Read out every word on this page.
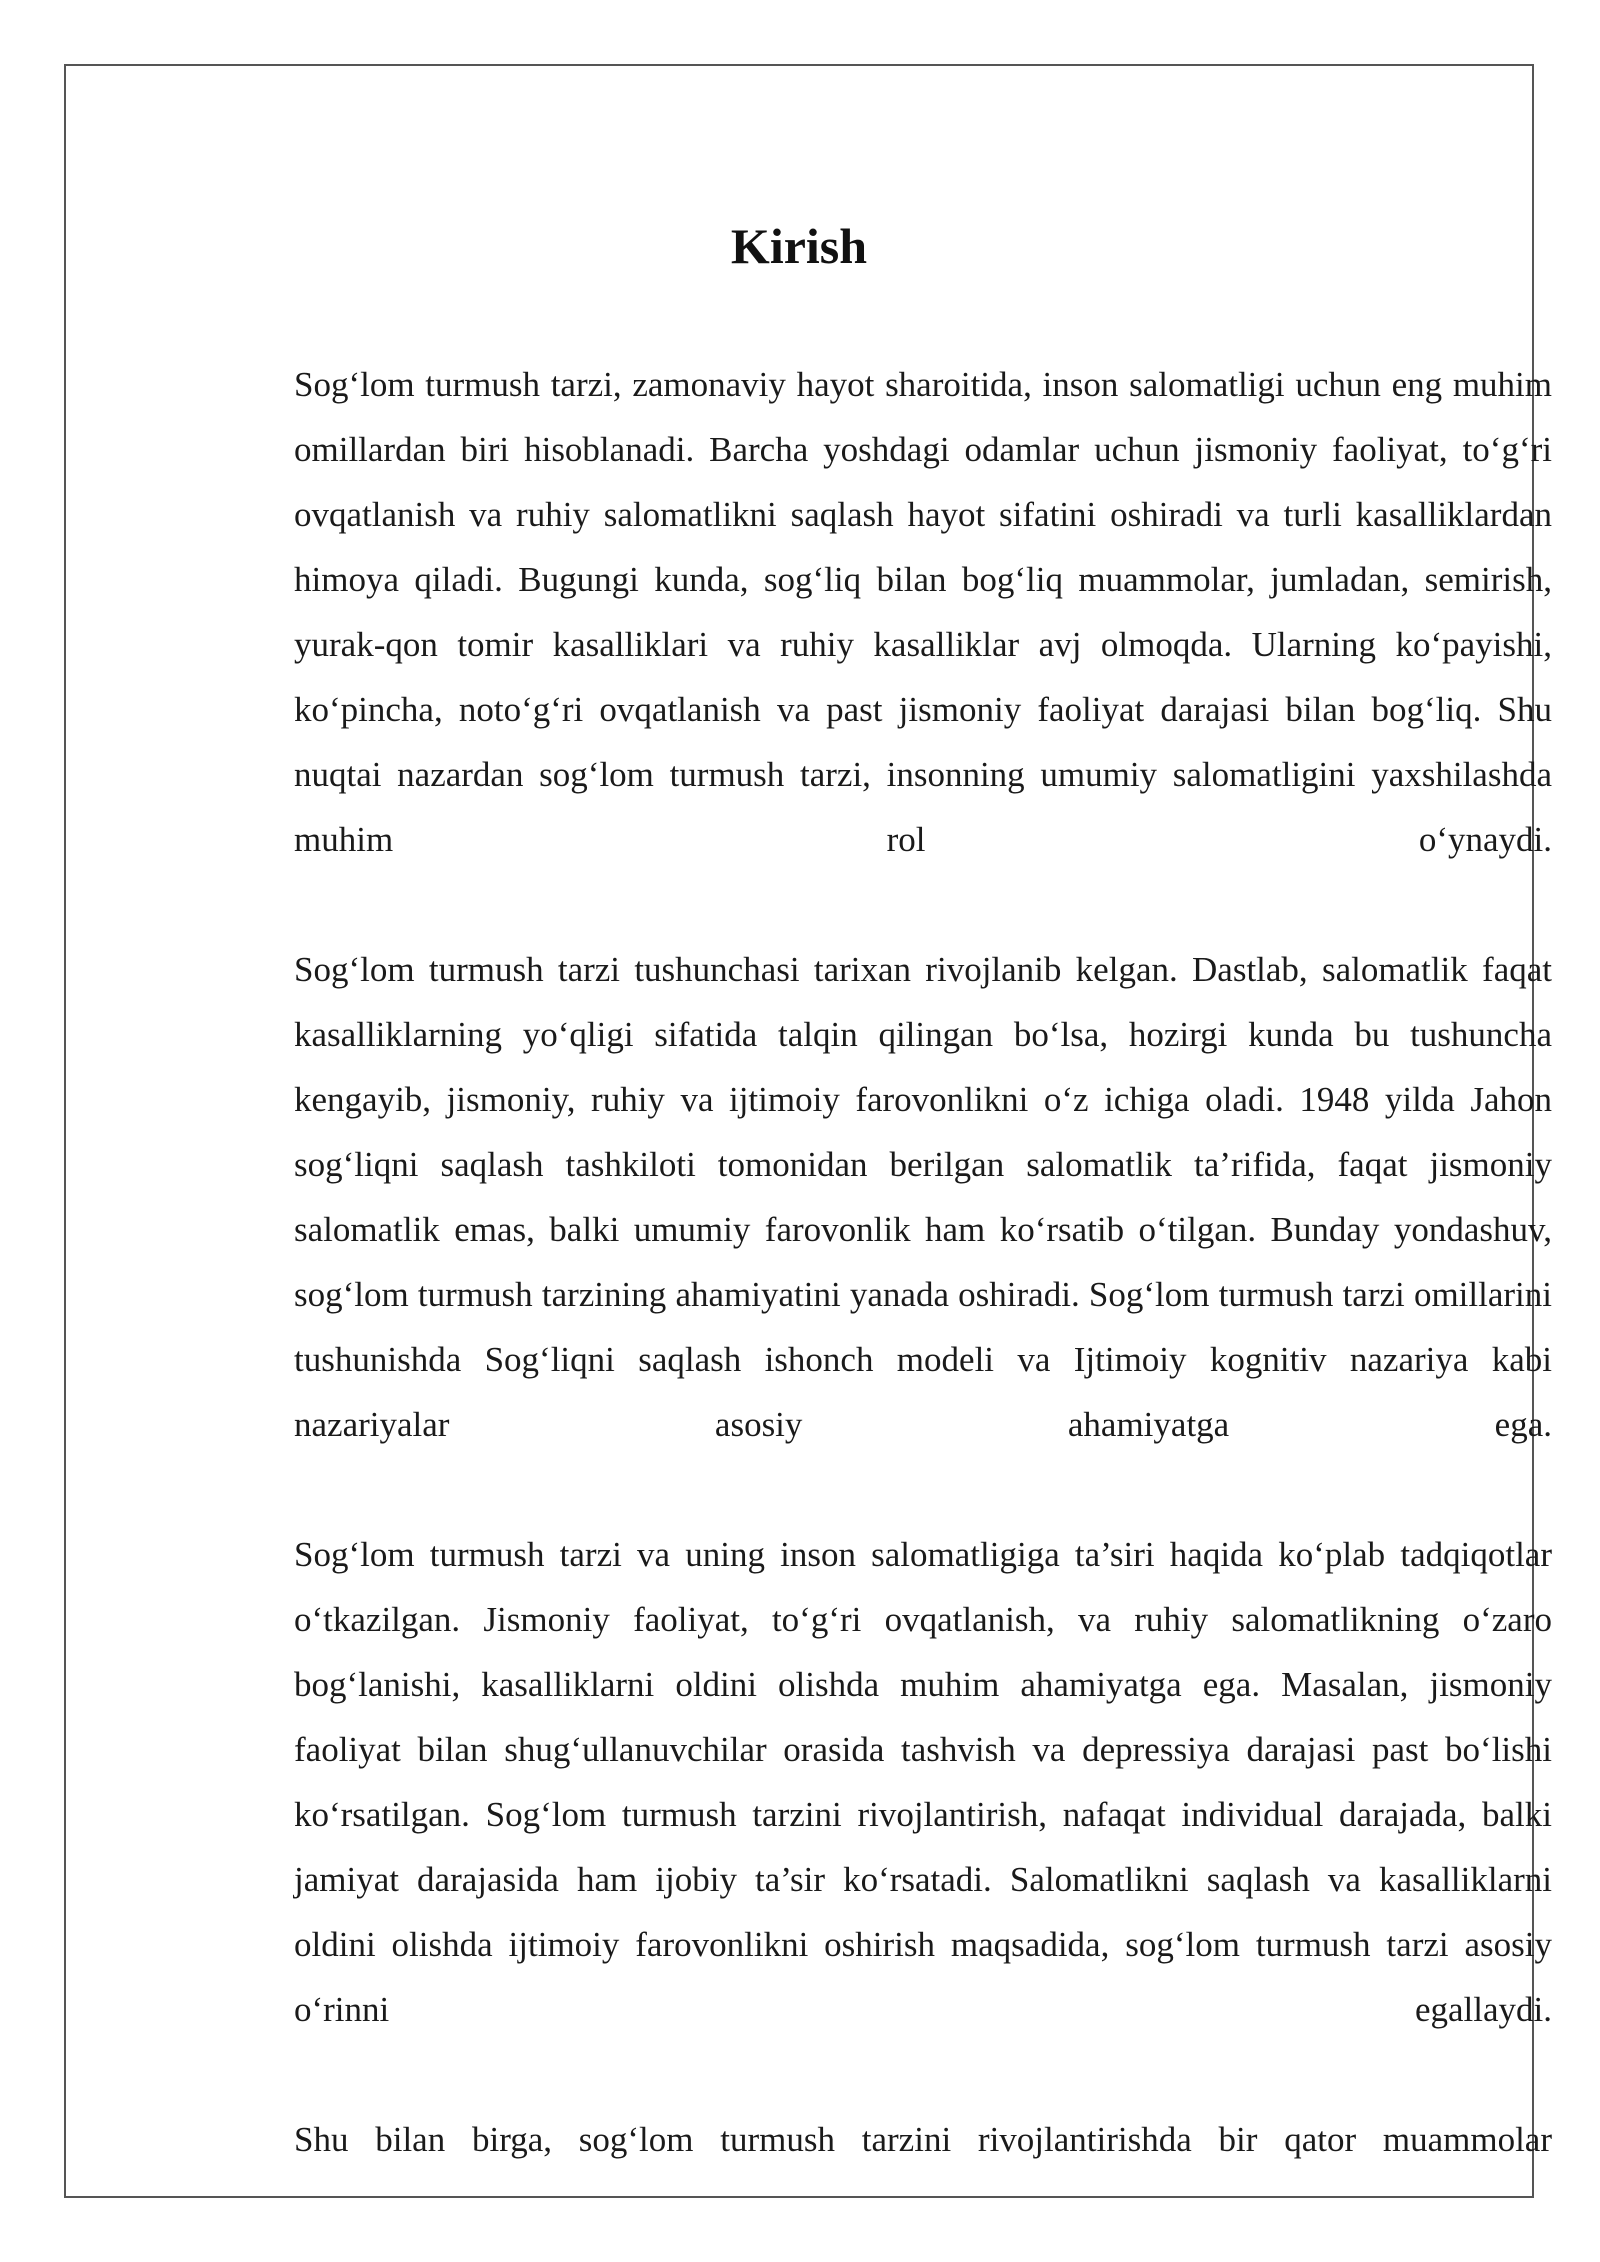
Kirish

Sog‘lom turmush tarzi, zamonaviy hayot sharoitida, inson salomatligi uchun eng muhim omillardan biri hisoblanadi. Barcha yoshdagi odamlar uchun jismoniy faoliyat, to‘g‘ri ovqatlanish va ruhiy salomatlikni saqlash hayot sifatini oshiradi va turli kasalliklardan himoya qiladi. Bugungi kunda, sog‘liq bilan bog‘liq muammolar, jumladan, semirish, yurak-qon tomir kasalliklari va ruhiy kasalliklar avj olmoqda. Ularning ko‘payishi, ko‘pincha, noto‘g‘ri ovqatlanish va past jismoniy faoliyat darajasi bilan bog‘liq. Shu nuqtai nazardan sog‘lom turmush tarzi, insonning umumiy salomatligini yaxshilashda muhim rol o‘ynaydi.

Sog‘lom turmush tarzi tushunchasi tarixan rivojlanib kelgan. Dastlab, salomatlik faqat kasalliklarning yo‘qligi sifatida talqin qilingan bo‘lsa, hozirgi kunda bu tushuncha kengayib, jismoniy, ruhiy va ijtimoiy farovonlikni o‘z ichiga oladi. 1948 yilda Jahon sog‘liqni saqlash tashkiloti tomonidan berilgan salomatlik ta’rifida, faqat jismoniy salomatlik emas, balki umumiy farovonlik ham ko‘rsatib o‘tilgan. Bunday yondashuv, sog‘lom turmush tarzining ahamiyatini yanada oshiradi. Sog‘lom turmush tarzi omillarini tushunishda Sog‘liqni saqlash ishonch modeli va Ijtimoiy kognitiv nazariya kabi nazariyalar asosiy ahamiyatga ega.

Sog‘lom turmush tarzi va uning inson salomatligiga ta’siri haqida ko‘plab tadqiqotlar o‘tkazilgan. Jismoniy faoliyat, to‘g‘ri ovqatlanish, va ruhiy salomatlikning o‘zaro bog‘lanishi, kasalliklarni oldini olishda muhim ahamiyatga ega. Masalan, jismoniy faoliyat bilan shug‘ullanuvchilar orasida tashvish va depressiya darajasi past bo‘lishi ko‘rsatilgan. Sog‘lom turmush tarzini rivojlantirish, nafaqat individual darajada, balki jamiyat darajasida ham ijobiy ta’sir ko‘rsatadi. Salomatlikni saqlash va kasalliklarni oldini olishda ijtimoiy farovonlikni oshirish maqsadida, sog‘lom turmush tarzi asosiy o‘rinni egallaydi.

Shu bilan birga, sog‘lom turmush tarzini rivojlantirishda bir qator muammolar
